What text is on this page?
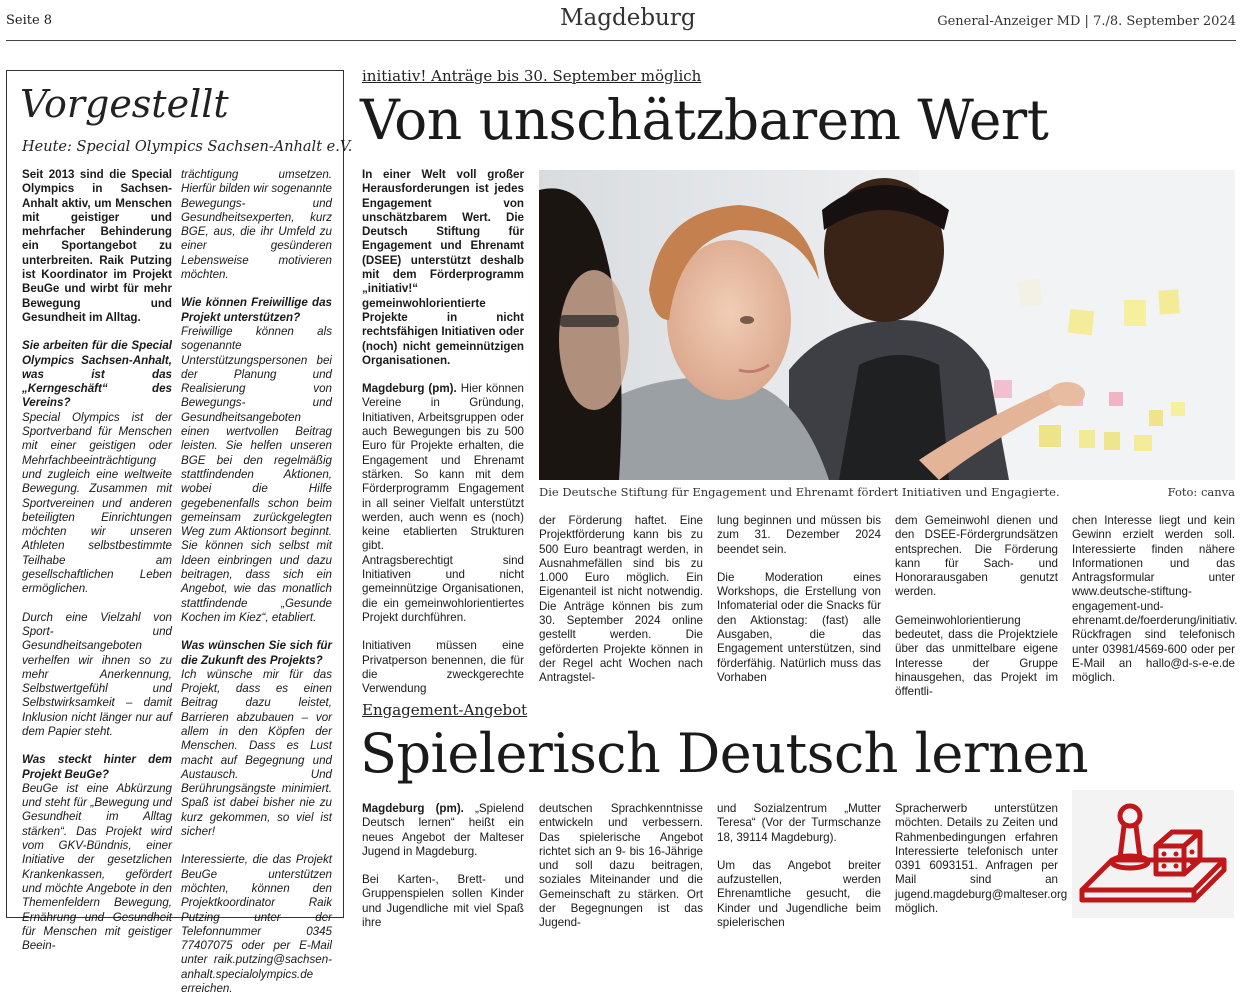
Seite 8	Magdeburg	General-Anzeiger MD | 7./8. September 2024
Vorgestellt
Heute: Special Olympics Sachsen-Anhalt e.V.

Seit 2013 sind die Special Olympics in Sachsen-Anhalt aktiv, um Menschen mit geistiger und mehrfacher Behinderung ein Sportangebot zu unterbreiten. Raik Putzing ist Koordinator im Projekt BeuGe und wirbt für mehr Bewegung und Gesundheit im Alltag.

Sie arbeiten für die Special Olympics Sachsen-Anhalt, was ist das „Kerngeschäft“ des Vereins?

Special Olympics ist der Sportverband für Menschen mit einer geistigen oder Mehrfachbeeinträchtigung und zugleich eine weltweite Bewegung. Zusammen mit Sportvereinen und anderen beteiligten Einrichtungen möchten wir unseren Athleten selbstbestimmte Teilhabe am gesellschaftlichen Leben ermöglichen.

Durch eine Vielzahl von Sport- und Gesundheitsangeboten verhelfen wir ihnen so zu mehr Anerkennung, Selbstwertgefühl und Selbstwirksamkeit – damit Inklusion nicht länger nur auf dem Papier steht.

Was steckt hinter dem Projekt BeuGe?

BeuGe ist eine Abkürzung und steht für „Bewegung und Gesundheit im Alltag stärken“. Das Projekt wird vom GKV-Bündnis, einer Initiative der gesetzlichen Krankenkassen, gefördert und möchte Angebote in den Themenfeldern Bewegung, Ernährung und Gesundheit für Menschen mit geistiger Beein-

trächtigung umsetzen. Hierfür bilden wir sogenannte Bewegungs- und Gesundheitsexperten, kurz BGE, aus, die ihr Umfeld zu einer gesünderen Lebensweise motivieren möchten.

Wie können Freiwillige das Projekt unterstützen?

Freiwillige können als sogenannte Unterstützungspersonen bei der Planung und Realisierung von Bewegungs- und Gesundheitsangeboten einen wertvollen Beitrag leisten. Sie helfen unseren BGE bei den regelmäßig stattfindenden Aktionen, wobei die Hilfe gegebenenfalls schon beim gemeinsam zurückgelegten Weg zum Aktionsort beginnt. Sie können sich selbst mit Ideen einbringen und dazu beitragen, dass sich ein Angebot, wie das monatlich stattfindende „Gesunde Kochen im Kiez“, etabliert.

Was wünschen Sie sich für die Zukunft des Projekts?

Ich wünsche mir für das Projekt, dass es einen Beitrag dazu leistet, Barrieren abzubauen – vor allem in den Köpfen der Menschen. Dass es Lust macht auf Begegnung und Austausch. Und Berührungsängste minimiert. Spaß ist dabei bisher nie zu kurz gekommen, so viel ist sicher!

Interessierte, die das Projekt BeuGe unterstützen möchten, können den Projektkoordinator Raik Putzing unter der Telefonnummer 0345 77407075 oder per E-Mail unter raik.putzing@sachsen-anhalt.specialolympics.de erreichen.

initiativ! Anträge bis 30. September möglich
Von unschätzbarem Wert

In einer Welt voll großer Herausforderungen ist jedes Engagement von unschätzbarem Wert. Die Deutsch Stiftung für Engagement und Ehrenamt (DSEE) unterstützt deshalb mit dem Förderprogramm „initiativ!“ gemeinwohlorientierte Projekte in nicht rechtsfähigen Initiativen oder (noch) nicht gemeinnützigen Organisationen.

Magdeburg (pm). Hier können Vereine in Gründung, Initiativen, Arbeitsgruppen oder auch Bewegungen bis zu 500 Euro für Projekte erhalten, die Engagement und Ehrenamt stärken. So kann mit dem Förderprogramm Engagement in all seiner Vielfalt unterstützt werden, auch wenn es (noch) keine etablierten Strukturen gibt.

Antragsberechtigt sind Initiativen und nicht gemeinnützige Organisationen, die ein gemeinwohlorientiertes Projekt durchführen.

Initiativen müssen eine Privatperson benennen, die für die zweckgerechte Verwendung

Die Deutsche Stiftung für Engagement und Ehrenamt fördert Initiativen und Engagierte.	Foto: canva

der Förderung haftet. Eine Projektförderung kann bis zu 500 Euro beantragt werden, in Ausnahmefällen sind bis zu 1.000 Euro möglich. Ein Eigenanteil ist nicht notwendig. Die Anträge können bis zum 30. September 2024 online gestellt werden. Die geförderten Projekte können in der Regel acht Wochen nach Antragstel-

lung beginnen und müssen bis zum 31. Dezember 2024 beendet sein.

Die Moderation eines Workshops, die Erstellung von Infomaterial oder die Snacks für den Aktionstag: (fast) alle Ausgaben, die das Engagement unterstützen, sind förderfähig. Natürlich muss das Vorhaben

dem Gemeinwohl dienen und den DSEE-Fördergrundsätzen entsprechen. Die Förderung kann für Sach- und Honorarausgaben genutzt werden.

Gemeinwohlorientierung bedeutet, dass die Projektziele über das unmittelbare eigene Interesse der Gruppe hinausgehen, das Projekt im öffentli-

chen Interesse liegt und kein Gewinn erzielt werden soll. Interessierte finden nähere Informationen und das Antragsformular unter www.deutsche-stiftung-engagement-und-ehrenamt.de/foerderung/initiativ. Rückfragen sind telefonisch unter 03981/4569-600 oder per E-Mail an hallo@d-s-e-e.de möglich.

Engagement-Angebot
Spielerisch Deutsch lernen

Magdeburg (pm). „Spielend Deutsch lernen“ heißt ein neues Angebot der Malteser Jugend in Magdeburg.

Bei Karten-, Brett- und Gruppenspielen sollen Kinder und Jugendliche mit viel Spaß ihre

deutschen Sprachkenntnisse entwickeln und verbessern. Das spielerische Angebot richtet sich an 9- bis 16-Jährige und soll dazu beitragen, soziales Miteinander und die Gemeinschaft zu stärken. Ort der Begegnungen ist das Jugend-

und Sozialzentrum „Mutter Teresa“ (Vor der Turmschanze 18, 39114 Magdeburg).

Um das Angebot breiter aufzustellen, werden Ehrenamtliche gesucht, die Kinder und Jugendliche beim spielerischen

Spracherwerb unterstützen möchten. Details zu Zeiten und Rahmenbedingungen erfahren Interessierte telefonisch unter 0391 6093151. Anfragen per Mail sind an jugend.magdeburg@malteser.org möglich.
